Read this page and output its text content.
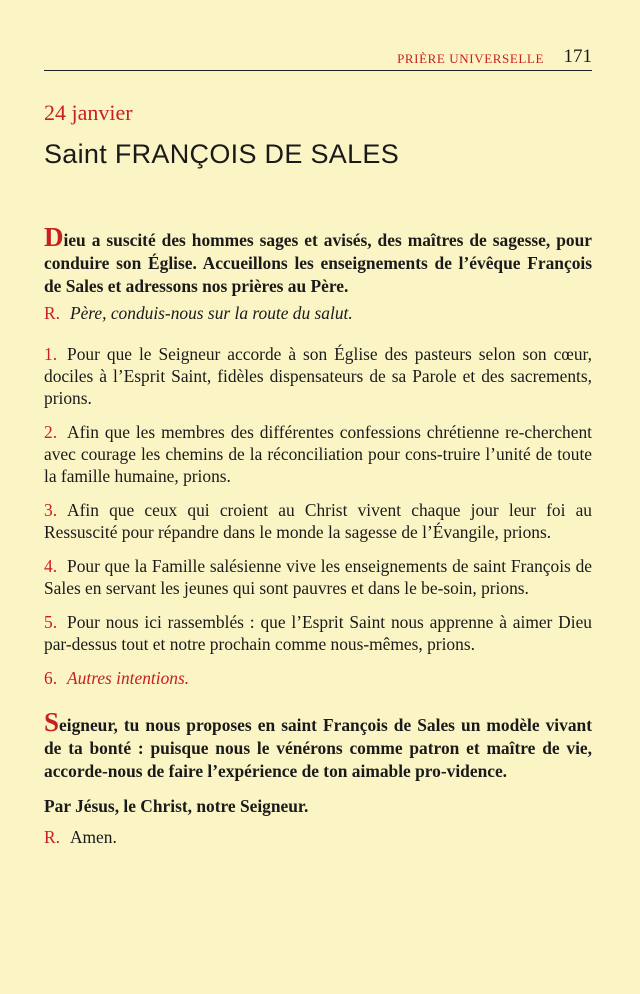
PRIÈRE UNIVERSELLE 171
24 janvier
Saint FRANÇOIS DE SALES
Dieu a suscité des hommes sages et avisés, des maîtres de sagesse, pour conduire son Église. Accueillons les enseignements de l’évêque François de Sales et adressons nos prières au Père.
R. Père, conduis-nous sur la route du salut.

1. Pour que le Seigneur accorde à son Église des pasteurs selon son cœur, dociles à l’Esprit Saint, fidèles dispensateurs de sa Parole et des sacrements, prions.

2. Afin que les membres des différentes confessions chrétienne re-cherchent avec courage les chemins de la réconciliation pour cons-truire l’unité de toute la famille humaine, prions.

3. Afin que ceux qui croient au Christ vivent chaque jour leur foi au Ressuscité pour répandre dans le monde la sagesse de l’Évangile, prions.

4. Pour que la Famille salésienne vive les enseignements de saint François de Sales en servant les jeunes qui sont pauvres et dans le be-soin, prions.

5. Pour nous ici rassemblés : que l’Esprit Saint nous apprenne à aimer Dieu par-dessus tout et notre prochain comme nous-mêmes, prions.

6. Autres intentions.

Seigneur, tu nous proposes en saint François de Sales un modèle vivant de ta bonté : puisque nous le vénérons comme patron et maître de vie, accorde-nous de faire l’expérience de ton aimable pro-vidence.
Par Jésus, le Christ, notre Seigneur.
R. Amen.
